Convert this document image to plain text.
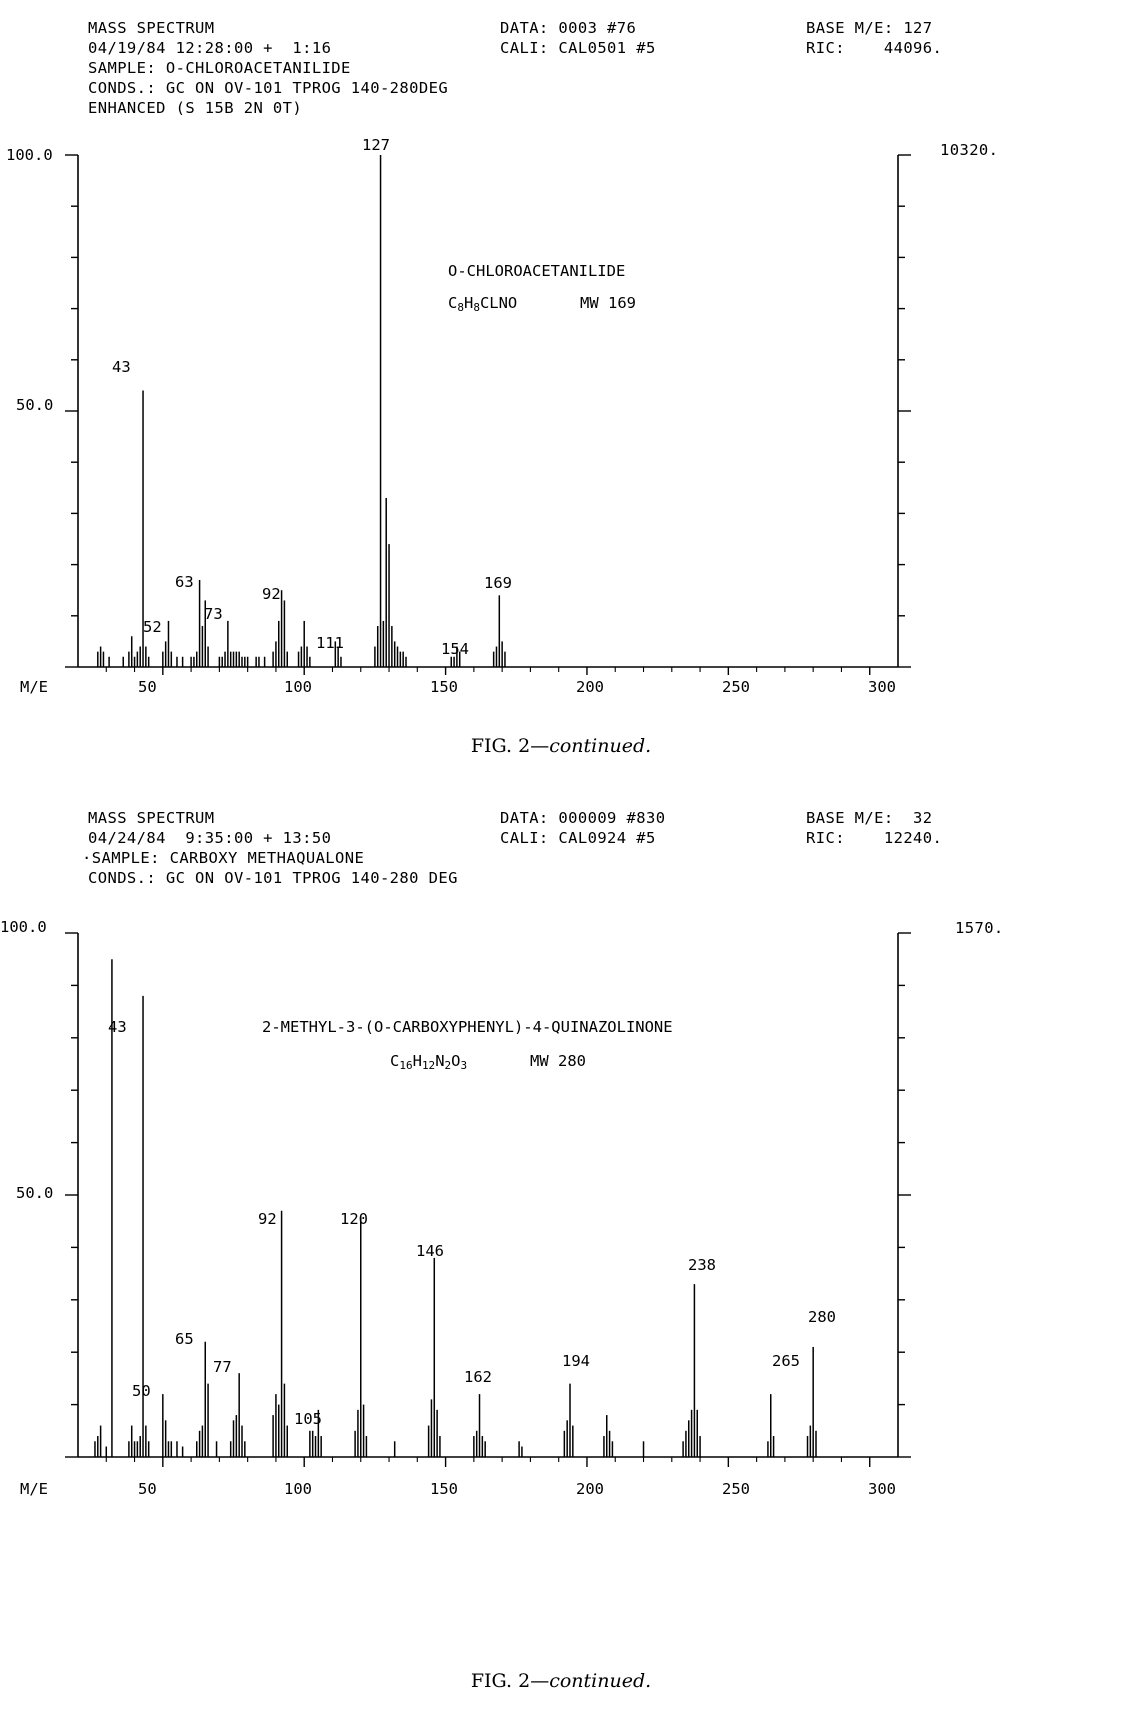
MASS SPECTRUM
04/19/84 12:28:00 +  1:16
SAMPLE: O-CHLOROACETANILIDE
CONDS.: GC ON OV-101 TPROG 140-280DEG
ENHANCED (S 15B 2N 0T)
DATA: 0003 #76
CALI: CAL0501 #5
BASE M/E: 127
RIC:    44096.
10320.
O-CHLOROACETANILIDE
$C_8H_8CLNO$	MW 169
43
52
63
73
92
111
127
154
169
100.0
50.0
M/E	50	100	150	200	250	300
FIG. 2—continued.
MASS SPECTRUM
04/24/84  9:35:00 + 13:50
·SAMPLE: CARBOXY METHAQUALONE
CONDS.: GC ON OV-101 TPROG 140-280 DEG
DATA: 000009 #830
CALI: CAL0924 #5
BASE M/E:  32
RIC:    12240.
1570.
2-METHYL-3-(O-CARBOXYPHENYL)-4-QUINAZOLINONE
$C_{16}H_{12}N_2O_3$	MW 280
43
50
65
77
92
105
120
146
162
194
238
265
280
100.0
50.0
M/E	50	100	150	200	250	300
FIG. 2—continued.
